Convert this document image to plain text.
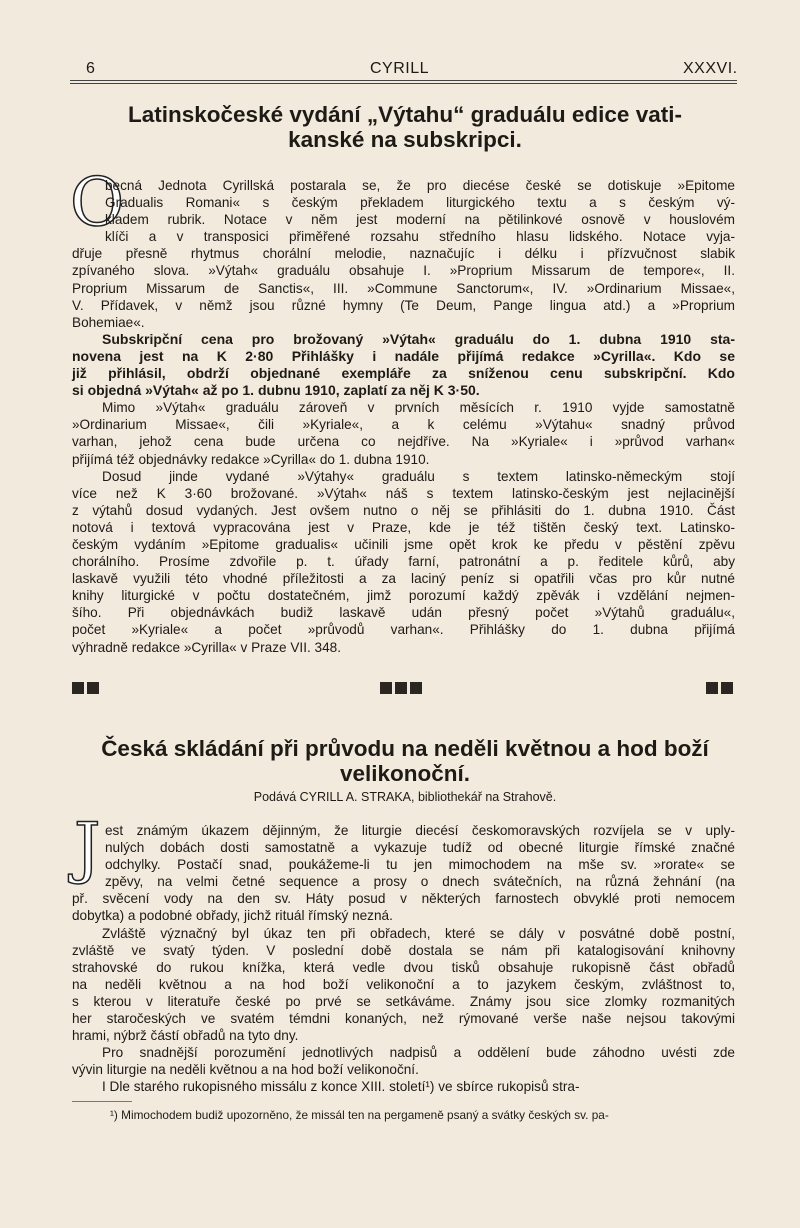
6	CYRILL	XXXVI.
Latinskočeské vydání „Výtahu“ graduálu edice vati-
kanské na subskripci.
O
becná Jednota Cyrillská postarala se, že pro diecése české se dotiskuje »Epitome
Gradualis Romani« s českým překladem liturgického textu a s českým vý-
kladem rubrik. Notace v něm jest moderní na pětilinkové osnově v houslovém
klíči a v transposici přiměřené rozsahu středního hlasu lidského. Notace vyja-
dřuje přesně rhytmus chorální melodie, naznačujíc i délku i přízvučnost slabik
zpívaného slova. »Výtah« graduálu obsahuje I. »Proprium Missarum de tempore«, II.
Proprium Missarum de Sanctis«, III. »Commune Sanctorum«, IV. »Ordinarium Missae«,
V. Přídavek, v němž jsou různé hymny (Te Deum, Pange lingua atd.) a »Proprium
Bohemiae«.
Subskripční cena pro brožovaný »Výtah« graduálu do 1. dubna 1910 sta-
novena jest na K 2·80 Přihlášky i nadále přijímá redakce »Cyrilla«. Kdo se
již přihlásil, obdrží objednané exempláře za sníženou cenu subskripční. Kdo
si objedná »Výtah« až po 1. dubnu 1910, zaplatí za něj K 3·50.
Mimo »Výtah« graduálu zároveň v prvních měsících r. 1910 vyjde samostatně
»Ordinarium Missae«, čili »Kyriale«, a k celému »Výtahu« snadný průvod
varhan, jehož cena bude určena co nejdříve. Na »Kyriale« i »průvod varhan«
přijímá též objednávky redakce »Cyrilla« do 1. dubna 1910.
Dosud jinde vydané »Výtahy« graduálu s textem latinsko-německým stojí
více než K 3·60 brožované. »Výtah« náš s textem latinsko-českým jest nejlacinější
z výtahů dosud vydaných. Jest ovšem nutno o něj se přihlásiti do 1. dubna 1910. Část
notová i textová vypracována jest v Praze, kde je též tištěn český text. Latinsko-
českým vydáním »Epitome gradualis« učinili jsme opět krok ke předu v pěstění zpěvu
chorálního. Prosíme zdvořile p. t. úřady farní, patronátní a p. ředitele kůrů, aby
laskavě využili této vhodné příležitosti a za laciný peníz si opatřili včas pro kůr nutné
knihy liturgické v počtu dostatečném, jimž porozumí každý zpěvák i vzdělání nejmen-
šího. Při objednávkách budiž laskavě udán přesný počet »Výtahů graduálu«,
počet »Kyriale« a počet »průvodů varhan«. Přihlášky do 1. dubna přijímá
výhradně redakce »Cyrilla« v Praze VII. 348.
Česká skládání při průvodu na neděli květnou a hod boží
velikonoční.
Podává CYRILL A. STRAKA, bibliothekář na Strahově.
J est známým úkazem dějinným, že liturgie diecésí českomoravských rozvíjela se v uply-
nulých dobách dosti samostatně a vykazuje tudíž od obecné liturgie římské značné
odchylky. Postačí snad, poukážeme-li tu jen mimochodem na mše sv. »rorate« se
zpěvy, na velmi četné sequence a prosy o dnech svátečních, na různá žehnání (na
př. svěcení vody na den sv. Háty posud v některých farnostech obvyklé proti nemocem
dobytka) a podobné obřady, jichž rituál římský nezná.
Zvláště význačný byl úkaz ten při obřadech, které se dály v posvátné době postní,
zvláště ve svatý týden. V poslední době dostala se nám při katalogisování knihovny
strahovské do rukou knížka, která vedle dvou tisků obsahuje rukopisně část obřadů
na neděli květnou a na hod boží velikonoční a to jazykem českým, zvláštnost to,
s kterou v literatuře české po prvé se setkáváme. Známy jsou sice zlomky rozmanitých
her staročeských ve svatém témdni konaných, než rýmované verše naše nejsou takovými
hrami, nýbrž částí obřadů na tyto dny.
Pro snadnější porozumění jednotlivých nadpisů a oddělení bude záhodno uvésti zde
vývin liturgie na neděli květnou a na hod boží velikonoční.
I Dle starého rukopisného missálu z konce XIII. století¹) ve sbírce rukopisů stra-
¹) Mimochodem budiž upozorněno, že missál ten na pergameně psaný a svátky českých sv. pa-
